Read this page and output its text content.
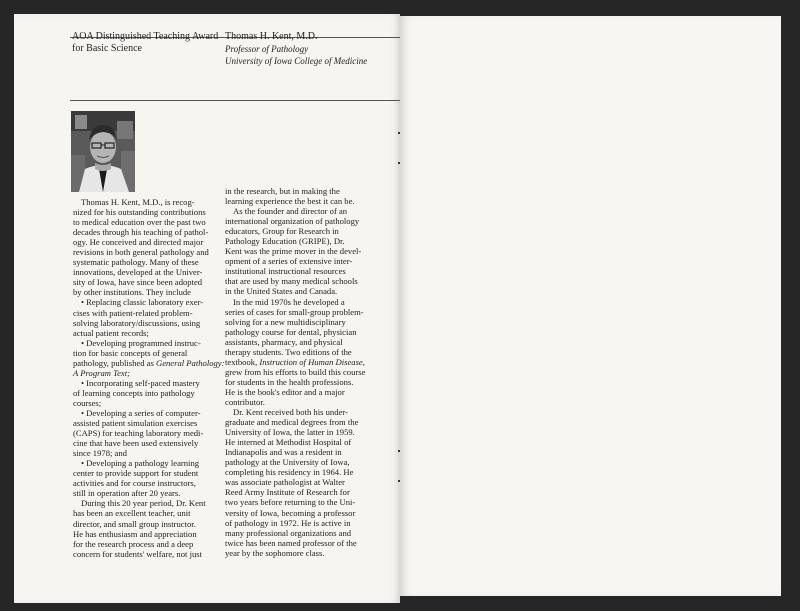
AOA Distinguished Teaching Award
for Basic Science
Thomas H. Kent, M.D.
Professor of Pathology
University of Iowa College of Medicine

Thomas H. Kent, M.D., is recog-

nized for his outstanding contributions

to medical education over the past two

decades through his teaching of pathol-

ogy. He conceived and directed major

revisions in both general pathology and

systematic pathology. Many of these

innovations, developed at the Univer-

sity of Iowa, have since been adopted

by other institutions. They include

• Replacing classic laboratory exer-

cises with patient-related problem-

solving laboratory/discussions, using

actual patient records;

• Developing programmed instruc-

tion for basic concepts of general

pathology, published as General Pathology:

A Program Text;

• Incorporating self-paced mastery

of learning concepts into pathology

courses;

• Developing a series of computer-

assisted patient simulation exercises

(CAPS) for teaching laboratory medi-

cine that have been used extensively

since 1978; and

• Developing a pathology learning

center to provide support for student

activities and for course instructors,

still in operation after 20 years.

During this 20 year period, Dr. Kent

has been an excellent teacher, unit

director, and small group instructor.

He has enthusiasm and appreciation

for the research process and a deep

concern for students' welfare, not just

in the research, but in making the

learning experience the best it can be.

As the founder and director of an

international organization of pathology

educators, Group for Research in

Pathology Education (GRIPE), Dr.

Kent was the prime mover in the devel-

opment of a series of extensive inter-

institutional instructional resources

that are used by many medical schools

in the United States and Canada.

In the mid 1970s he developed a

series of cases for small-group problem-

solving for a new multidisciplinary

pathology course for dental, physician

assistants, pharmacy, and physical

therapy students. Two editions of the

textbook, Instruction of Human Disease,

grew from his efforts to build this course

for students in the health professions.

He is the book's editor and a major

contributor.

Dr. Kent received both his under-

graduate and medical degrees from the

University of Iowa, the latter in 1959.

He interned at Methodist Hospital of

Indianapolis and was a resident in

pathology at the University of Iowa,

completing his residency in 1964. He

was associate pathologist at Walter

Reed Army Institute of Research for

two years before returning to the Uni-

versity of Iowa, becoming a professor

of pathology in 1972. He is active in

many professional organizations and

twice has been named professor of the

year by the sophomore class.
